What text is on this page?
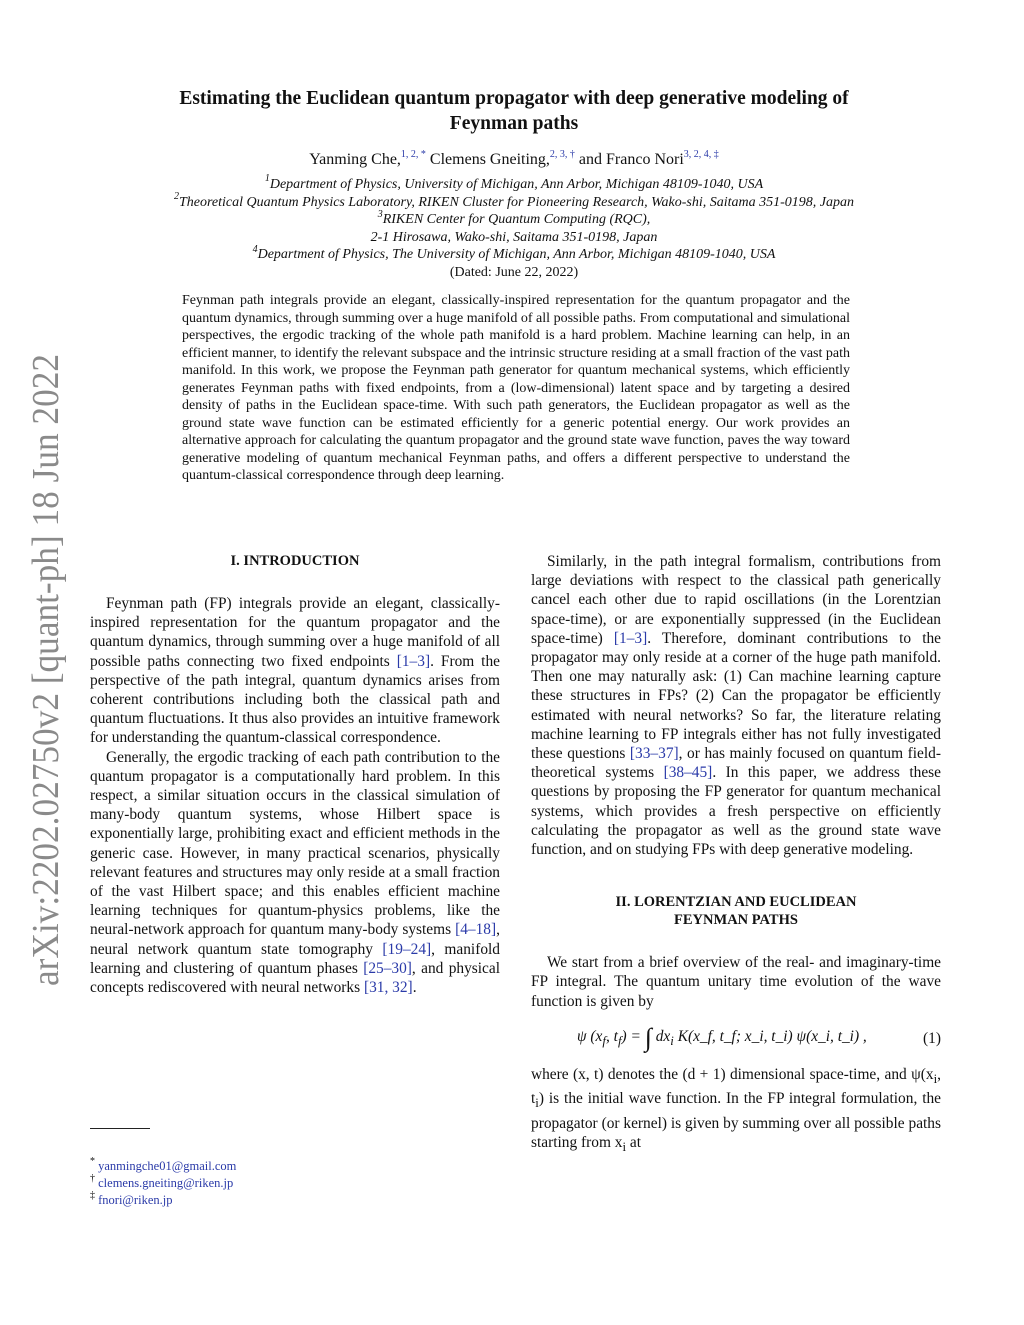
arXiv:2202.02750v2 [quant-ph] 18 Jun 2022
Estimating the Euclidean quantum propagator with deep generative modeling of
Feynman paths
Yanming Che,$^{1, 2, *}$ Clemens Gneiting,$^{2, 3, \dagger}$ and Franco Nori$^{3, 2, 4, \ddagger}$
$^1$Department of Physics, University of Michigan, Ann Arbor, Michigan 48109-1040, USA
$^2$Theoretical Quantum Physics Laboratory, RIKEN Cluster for Pioneering Research, Wako-shi, Saitama 351-0198, Japan
$^3$RIKEN Center for Quantum Computing (RQC),
2-1 Hirosawa, Wako-shi, Saitama 351-0198, Japan
$^4$Department of Physics, The University of Michigan, Ann Arbor, Michigan 48109-1040, USA
(Dated: June 22, 2022)
Feynman path integrals provide an elegant, classically-inspired representation for the quantum propagator and the quantum dynamics, through summing over a huge manifold of all possible paths. From computational and simulational perspectives, the ergodic tracking of the whole path manifold is a hard problem. Machine learning can help, in an efficient manner, to identify the relevant subspace and the intrinsic structure residing at a small fraction of the vast path manifold. In this work, we propose the Feynman path generator for quantum mechanical systems, which efficiently generates Feynman paths with fixed endpoints, from a (low-dimensional) latent space and by targeting a desired density of paths in the Euclidean space-time. With such path generators, the Euclidean propagator as well as the ground state wave function can be estimated efficiently for a generic potential energy. Our work provides an alternative approach for calculating the quantum propagator and the ground state wave function, paves the way toward generative modeling of quantum mechanical Feynman paths, and offers a different perspective to understand the quantum-classical correspondence through deep learning.
I. INTRODUCTION

Feynman path (FP) integrals provide an elegant, classically-inspired representation for the quantum propagator and the quantum dynamics, through summing over a huge manifold of all possible paths connecting two fixed endpoints [1–3]. From the perspective of the path integral, quantum dynamics arises from coherent contributions including both the classical path and quantum fluctuations. It thus also provides an intuitive framework for understanding the quantum-classical correspondence.

Generally, the ergodic tracking of each path contribution to the quantum propagator is a computationally hard problem. In this respect, a similar situation occurs in the classical simulation of many-body quantum systems, whose Hilbert space is exponentially large, prohibiting exact and efficient methods in the generic case. However, in many practical scenarios, physically relevant features and structures may only reside at a small fraction of the vast Hilbert space; and this enables efficient machine learning techniques for quantum-physics problems, like the neural-network approach for quantum many-body systems [4–18], neural network quantum state tomography [19–24], manifold learning and clustering of quantum phases [25–30], and physical concepts rediscovered with neural networks [31, 32].

Similarly, in the path integral formalism, contributions from large deviations with respect to the classical path generically cancel each other due to rapid oscillations (in the Lorentzian space-time), or are exponentially suppressed (in the Euclidean space-time) [1–3]. Therefore, dominant contributions to the propagator may only reside at a corner of the huge path manifold. Then one may naturally ask: (1) Can machine learning capture these structures in FPs? (2) Can the propagator be efficiently estimated with neural networks? So far, the literature relating machine learning to FP integrals either has not fully investigated these questions [33–37], or has mainly focused on quantum field-theoretical systems [38–45]. In this paper, we address these questions by proposing the FP generator for quantum mechanical systems, which provides a fresh perspective on efficiently calculating the propagator as well as the ground state wave function, and on studying FPs with deep generative modeling.

II. LORENTZIAN AND EUCLIDEAN
FEYNMAN PATHS

We start from a brief overview of the real- and imaginary-time FP integral. The quantum unitary time evolution of the wave function is given by

ψ ($x_f$, $t_f$) = ∫ $dx_i$ K(x_f, t_f; x_i, t_i) ψ(x_i, t_i) ,	(1)

where (x, t) denotes the (d + 1) dimensional space-time, and $\psi(x_i$, $t_i$) is the initial wave function. In the FP integral formulation, the propagator (or kernel) is given by summing over all possible paths starting from $x_i$ at

* yanmingche01@gmail.com
† clemens.gneiting@riken.jp
‡ fnori@riken.jp
